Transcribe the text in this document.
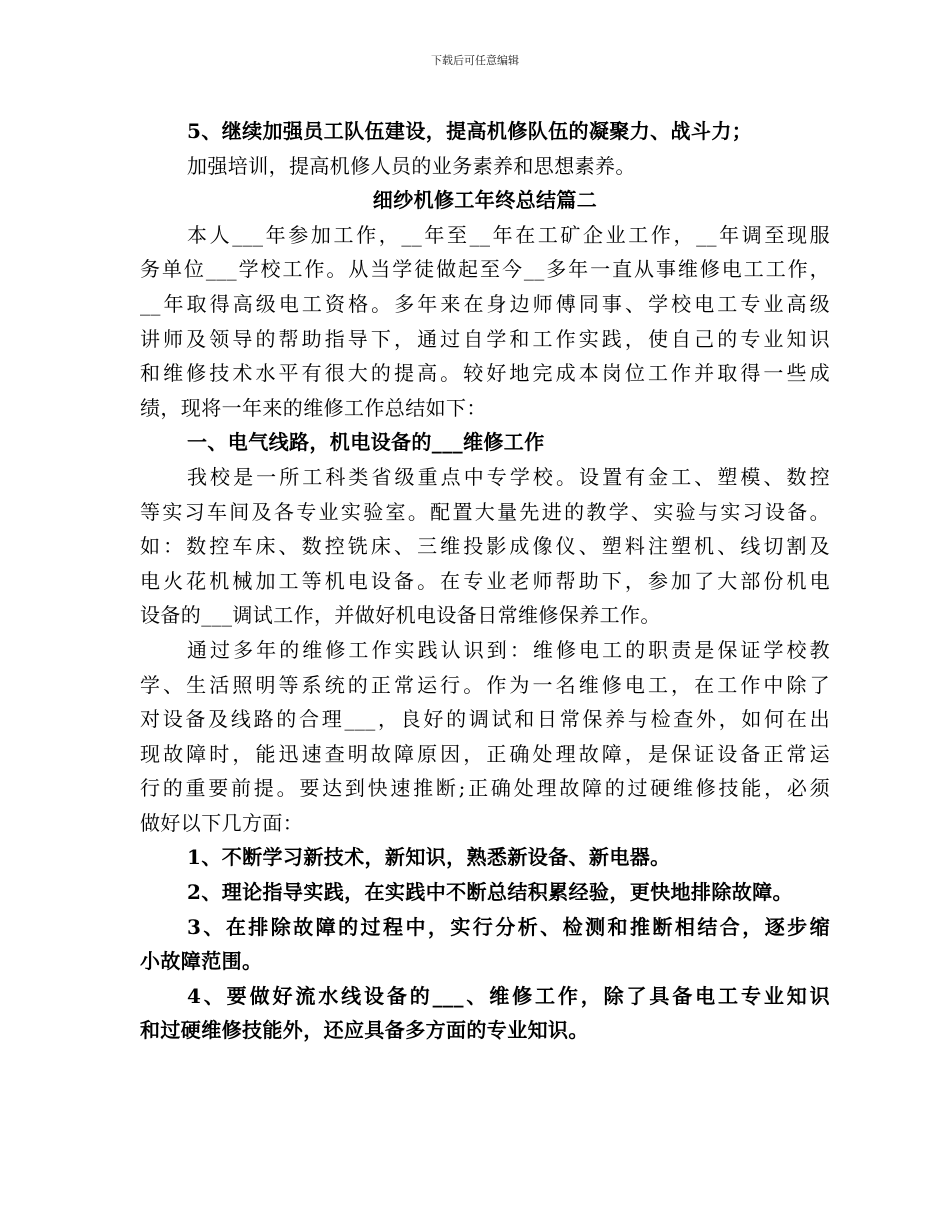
下载后可任意编辑
5、继续加强员工队伍建设，提高机修队伍的凝聚力、战斗力；
加强培训，提高机修人员的业务素养和思想素养。
细纱机修工年终总结篇二
本人___年参加工作，__年至__年在工矿企业工作，__年调至现服
务单位___学校工作。从当学徒做起至今__多年一直从事维修电工工作，
__年取得高级电工资格。多年来在身边师傅同事、学校电工专业高级
讲师及领导的帮助指导下，通过自学和工作实践，使自己的专业知识
和维修技术水平有很大的提高。较好地完成本岗位工作并取得一些成
绩，现将一年来的维修工作总结如下：
一、电气线路，机电设备的___维修工作
我校是一所工科类省级重点中专学校。设置有金工、塑模、数控
等实习车间及各专业实验室。配置大量先进的教学、实验与实习设备。
如：数控车床、数控铣床、三维投影成像仪、塑料注塑机、线切割及
电火花机械加工等机电设备。在专业老师帮助下，参加了大部份机电
设备的___调试工作，并做好机电设备日常维修保养工作。
通过多年的维修工作实践认识到：维修电工的职责是保证学校教
学、生活照明等系统的正常运行。作为一名维修电工，在工作中除了
对设备及线路的合理___，良好的调试和日常保养与检查外，如何在出
现故障时，能迅速查明故障原因，正确处理故障，是保证设备正常运
行的重要前提。要达到快速推断;正确处理故障的过硬维修技能，必须
做好以下几方面：
1、不断学习新技术，新知识，熟悉新设备、新电器。
2、理论指导实践，在实践中不断总结积累经验，更快地排除故障。
3、在排除故障的过程中，实行分析、检测和推断相结合，逐步缩
小故障范围。
4、要做好流水线设备的___、维修工作，除了具备电工专业知识
和过硬维修技能外，还应具备多方面的专业知识。
